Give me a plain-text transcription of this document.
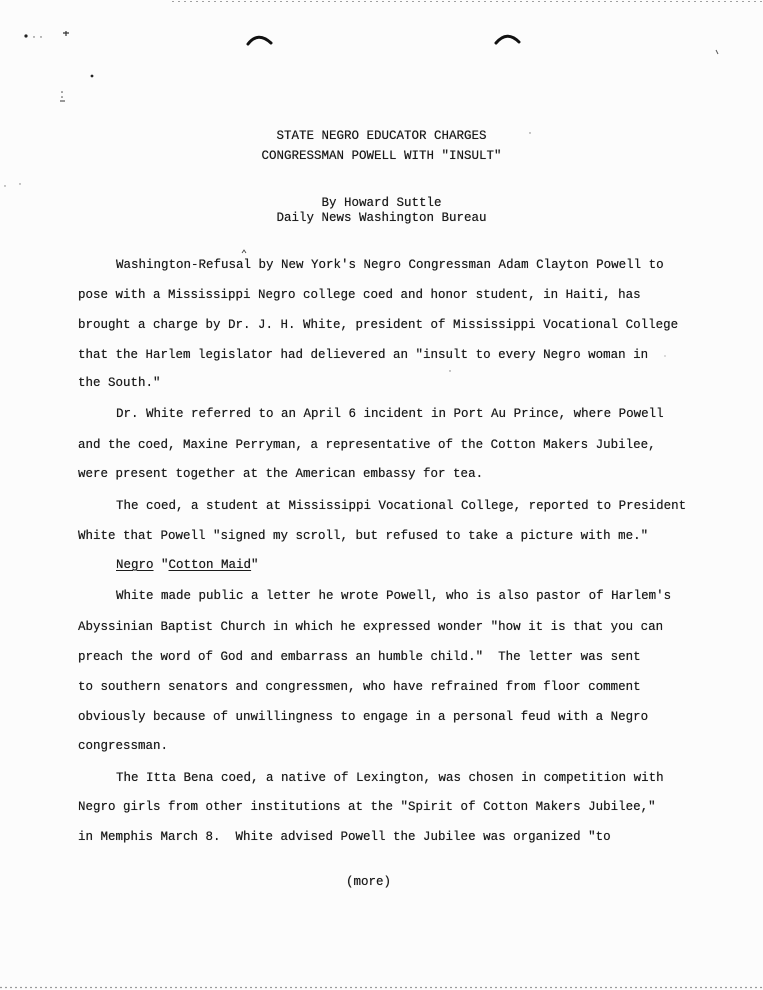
STATE NEGRO EDUCATOR CHARGES
CONGRESSMAN POWELL WITH "INSULT"
By Howard Suttle
Daily News Washington Bureau
Washington-Refusal by New York's Negro Congressman Adam Clayton Powell to
pose with a Mississippi Negro college coed and honor student, in Haiti, has
brought a charge by Dr. J. H. White, president of Mississippi Vocational College
that the Harlem legislator had delievered an "insult to every Negro woman in
the South."
Dr. White referred to an April 6 incident in Port Au Prince, where Powell
and the coed, Maxine Perryman, a representative of the Cotton Makers Jubilee,
were present together at the American embassy for tea.
The coed, a student at Mississippi Vocational College, reported to President
White that Powell "signed my scroll, but refused to take a picture with me."
Negro "Cotton Maid"
White made public a letter he wrote Powell, who is also pastor of Harlem's
Abyssinian Baptist Church in which he expressed wonder "how it is that you can
preach the word of God and embarrass an humble child."  The letter was sent
to southern senators and congressmen, who have refrained from floor comment
obviously because of unwillingness to engage in a personal feud with a Negro
congressman.
The Itta Bena coed, a native of Lexington, was chosen in competition with
Negro girls from other institutions at the "Spirit of Cotton Makers Jubilee,"
in Memphis March 8.  White advised Powell the Jubilee was organized "to
(more)
